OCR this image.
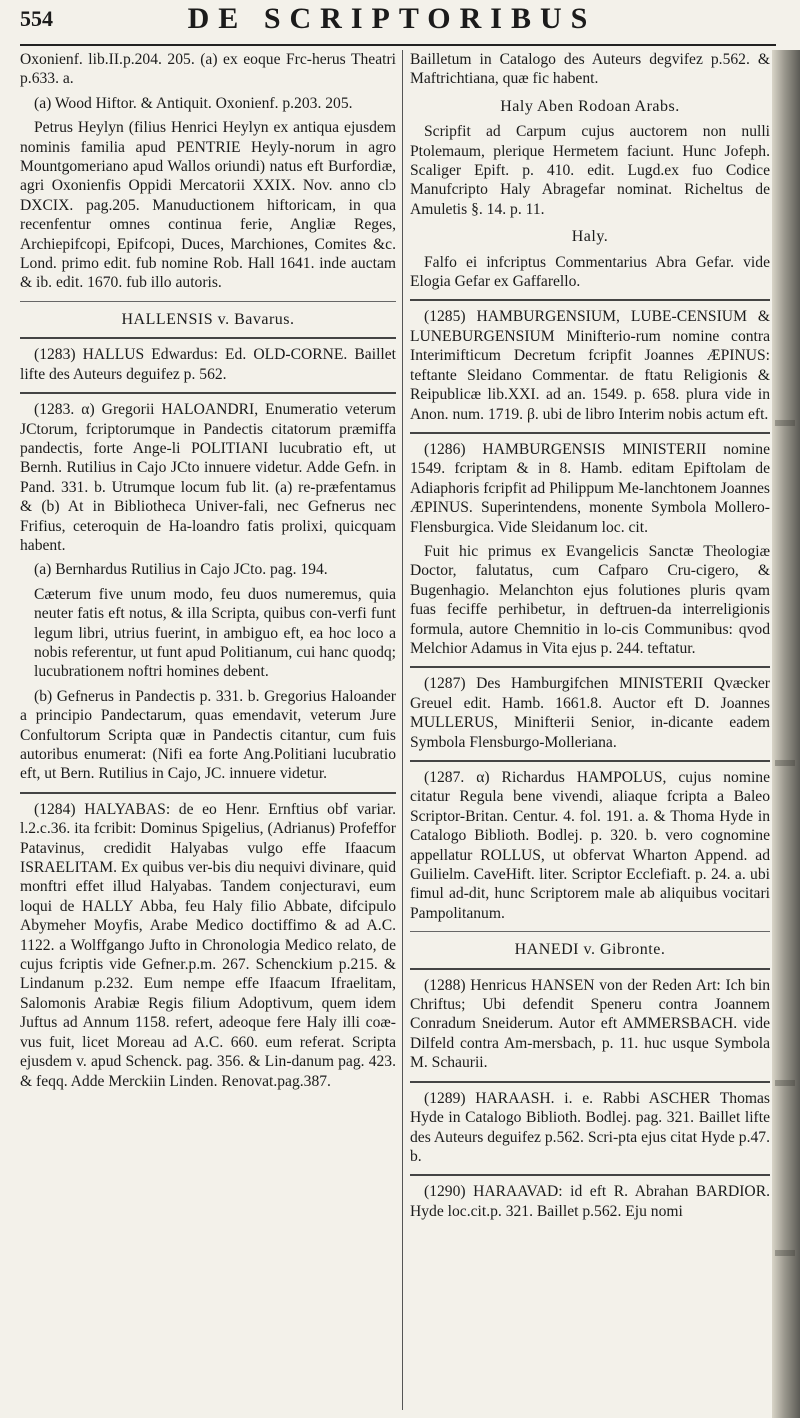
554	DE SCRIPTORIBUS

Oxonienf. lib.II.p.204. 205. (a) ex eoque Frc-herus Theatri p.633. a.

(a) Wood Hiftor. & Antiquit. Oxonienf. p.203. 205.

Petrus Heylyn (filius Henrici Heylyn ex antiqua ejusdem nominis familia apud PENTRIE Heyly-norum in agro Mountgomeriano apud Wallos oriundi) natus eft Burfordiæ, agri Oxonienfis Oppidi Mercatorii XXIX. Nov. anno clɔ DXCIX. pag.205. Manuductionem hiftoricam, in qua recenfentur omnes continua ferie, Angliæ Reges, Archiepifcopi, Epifcopi, Duces, Marchiones, Comites &c. Lond. primo edit. fub nomine Rob. Hall 1641. inde auctam & ib. edit. 1670. fub illo autoris.

HALLENSIS v. Bavarus.

(1283) HALLUS Edwardus: Ed. OLD-CORNE. Baillet lifte des Auteurs deguifez p. 562.

(1283. α) Gregorii HALOANDRI, Enumeratio veterum JCtorum, fcriptorumque in Pandectis citatorum præmiffa pandectis, forte Ange-li POLITIANI lucubratio eft, ut Bernh. Rutilius in Cajo JCto innuere videtur. Adde Gefn. in Pand. 331. b. Utrumque locum fub lit. (a) re-præfentamus & (b) At in Bibliotheca Univer-fali, nec Gefnerus nec Frifius, ceteroquin de Ha-loandro fatis prolixi, quicquam habent.

(a) Bernhardus Rutilius in Cajo JCto. pag. 194.

Cæterum five unum modo, feu duos numeremus, quia neuter fatis eft notus, & illa Scripta, quibus con-verfi funt legum libri, utrius fuerint, in ambiguo eft, ea hoc loco a nobis referentur, ut funt apud Politianum, cui hanc quodq; lucubrationem noftri homines debent.

(b) Gefnerus in Pandectis p. 331. b. Gregorius Haloander a principio Pandectarum, quas emendavit, veterum Jure Confultorum Scripta quæ in Pandectis citantur, cum fuis autoribus enumerat: (Nifi ea forte Ang.Politiani lucubratio eft, ut Bern. Rutilius in Cajo, JC. innuere videtur.

(1284) HALYABAS: de eo Henr. Ernftius obf variar. l.2.c.36. ita fcribit: Dominus Spigelius, (Adrianus) Profeffor Patavinus, credidit Halyabas vulgo effe Ifaacum ISRAELITAM. Ex quibus ver-bis diu nequivi divinare, quid monftri effet illud Halyabas. Tandem conjecturavi, eum loqui de HALLY Abba, feu Haly filio Abbate, difcipulo Abymeher Moyfis, Arabe Medico doctiffimo & ad A.C. 1122. a Wolffgango Jufto in Chronologia Medico relato, de cujus fcriptis vide Gefner.p.m. 267. Schenckium p.215. & Lindanum p.232. Eum nempe effe Ifaacum Ifraelitam, Salomonis Arabiæ Regis filium Adoptivum, quem idem Juftus ad Annum 1158. refert, adeoque fere Haly illi coæ-vus fuit, licet Moreau ad A.C. 660. eum referat. Scripta ejusdem v. apud Schenck. pag. 356. & Lin-danum pag. 423. & feqq. Adde Merckiin Linden. Renovat.pag.387.

Bailletum in Catalogo des Auteurs degvifez p.562. & Maftrichtiana, quæ fic habent.

Haly Aben Rodoan Arabs.

Scripfit ad Carpum cujus auctorem non nulli Ptolemaum, plerique Hermetem faciunt. Hunc Jofeph. Scaliger Epift. p. 410. edit. Lugd.ex fuo Codice Manufcripto Haly Abragefar nominat. Richeltus de Amuletis §. 14. p. 11.

Haly.

Falfo ei infcriptus Commentarius Abra Gefar. vide Elogia Gefar ex Gaffarello.

(1285) HAMBURGENSIUM, LUBE-CENSIUM & LUNEBURGENSIUM Minifterio-rum nomine contra Interimifticum Decretum fcripfit Joannes ÆPINUS: teftante Sleidano Commentar. de ftatu Religionis & Reipublicæ lib.XXI. ad an. 1549. p. 658. plura vide in Anon. num. 1719. β. ubi de libro Interim nobis actum eft.

(1286) HAMBURGENSIS MINISTERII nomine 1549. fcriptam & in 8. Hamb. editam Epiftolam de Adiaphoris fcripfit ad Philippum Me-lanchtonem Joannes ÆPINUS. Superintendens, monente Symbola Mollero-Flensburgica. Vide Sleidanum loc. cit.

Fuit hic primus ex Evangelicis Sanctæ Theologiæ Doctor, falutatus, cum Cafparo Cru-cigero, & Bugenhagio. Melanchton ejus folutiones pluris qvam fuas feciffe perhibetur, in deftruen-da interreligionis formula, autore Chemnitio in lo-cis Communibus: qvod Melchior Adamus in Vita ejus p. 244. teftatur.

(1287) Des Hamburgifchen MINISTERII Qvæcker Greuel edit. Hamb. 1661.8. Auctor eft D. Joannes MULLERUS, Minifterii Senior, in-dicante eadem Symbola Flensburgo-Molleriana.

(1287. α) Richardus HAMPOLUS, cujus nomine citatur Regula bene vivendi, aliaque fcripta a Baleo Scriptor-Britan. Centur. 4. fol. 191. a. & Thoma Hyde in Catalogo Biblioth. Bodlej. p. 320. b. vero cognomine appellatur ROLLUS, ut obfervat Wharton Append. ad Guilielm. CaveHift. liter. Scriptor Ecclefiaft. p. 24. a. ubi fimul ad-dit, hunc Scriptorem male ab aliquibus vocitari Pampolitanum.

HANEDI v. Gibronte.

(1288) Henricus HANSEN von der Reden Art: Ich bin Chriftus; Ubi defendit Speneru contra Joannem Conradum Sneiderum. Autor eft AMMERSBACH. vide Dilfeld contra Am-mersbach, p. 11. huc usque Symbola M. Schaurii.

(1289) HARAASH. i. e. Rabbi ASCHER Thomas Hyde in Catalogo Biblioth. Bodlej. pag. 321. Baillet lifte des Auteurs deguifez p.562. Scri-pta ejus citat Hyde p.47. b.

(1290) HARAAVAD: id eft R. Abrahan BARDIOR. Hyde loc.cit.p. 321. Baillet p.562. Eju nomi
